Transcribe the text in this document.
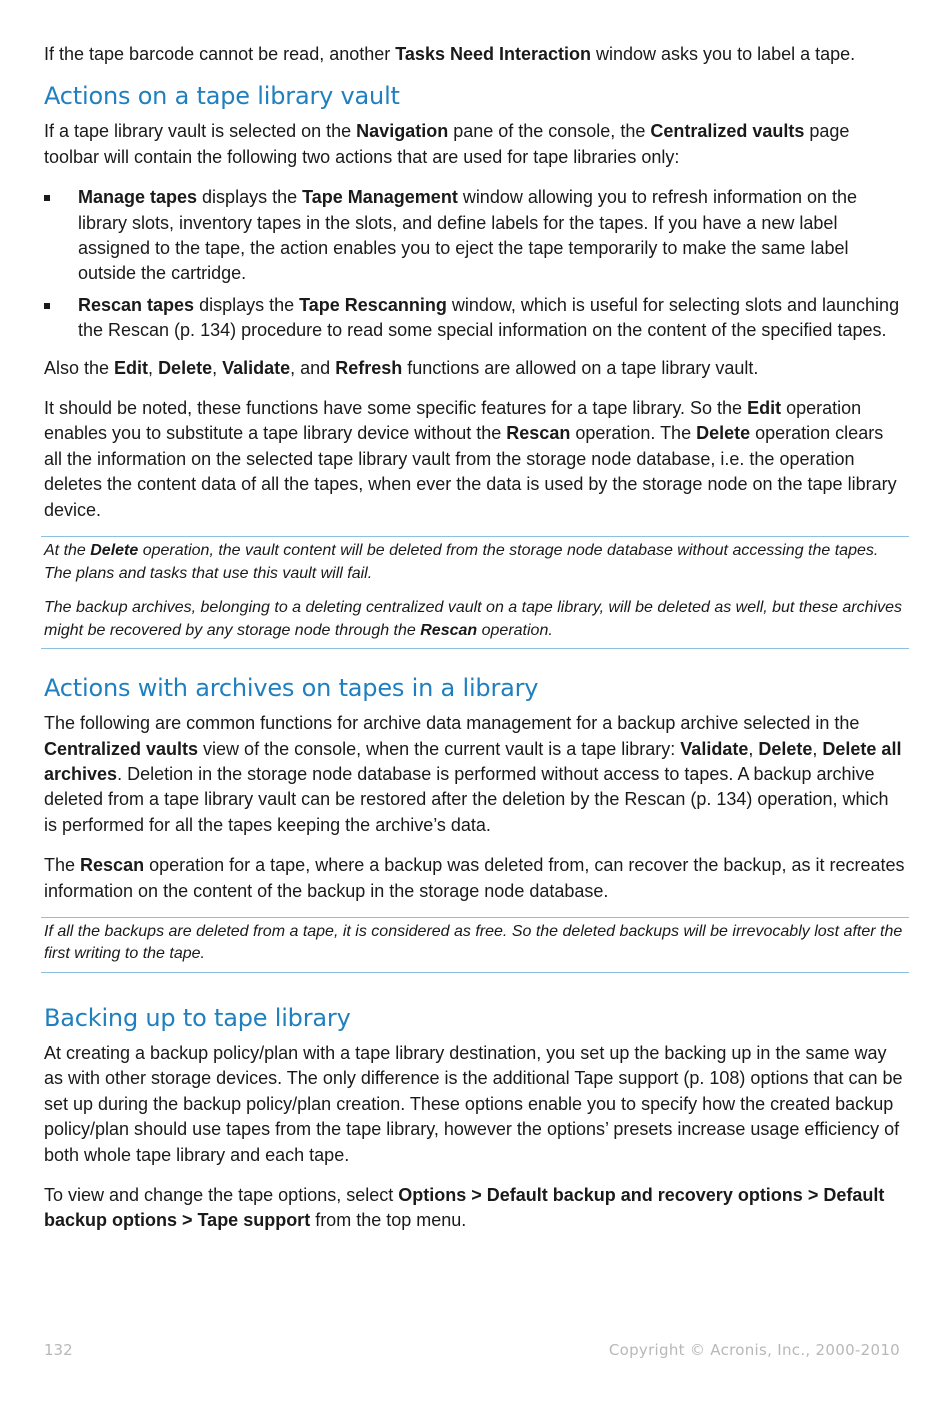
If the tape barcode cannot be read, another Tasks Need Interaction window asks you to label a tape.

Actions on a tape library vault

If a tape library vault is selected on the Navigation pane of the console, the Centralized vaults page toolbar will contain the following two actions that are used for tape libraries only:

Manage tapes displays the Tape Management window allowing you to refresh information on the library slots, inventory tapes in the slots, and define labels for the tapes. If you have a new label assigned to the tape, the action enables you to eject the tape temporarily to make the same label outside the cartridge.
Rescan tapes displays the Tape Rescanning window, which is useful for selecting slots and launching the Rescan (p. 134) procedure to read some special information on the content of the specified tapes.

Also the Edit, Delete, Validate, and Refresh functions are allowed on a tape library vault.

It should be noted, these functions have some specific features for a tape library. So the Edit operation enables you to substitute a tape library device without the Rescan operation. The Delete operation clears all the information on the selected tape library vault from the storage node database, i.e. the operation deletes the content data of all the tapes, when ever the data is used by the storage node on the tape library device.

At the Delete operation, the vault content will be deleted from the storage node database without accessing the tapes. The plans and tasks that use this vault will fail.

The backup archives, belonging to a deleting centralized vault on a tape library, will be deleted as well, but these archives might be recovered by any storage node through the Rescan operation.

Actions with archives on tapes in a library

The following are common functions for archive data management for a backup archive selected in the Centralized vaults view of the console, when the current vault is a tape library: Validate, Delete, Delete all archives. Deletion in the storage node database is performed without access to tapes. A backup archive deleted from a tape library vault can be restored after the deletion by the Rescan (p. 134) operation, which is performed for all the tapes keeping the archive’s data.

The Rescan operation for a tape, where a backup was deleted from, can recover the backup, as it recreates information on the content of the backup in the storage node database.

If all the backups are deleted from a tape, it is considered as free. So the deleted backups will be irrevocably lost after the first writing to the tape.

Backing up to tape library

At creating a backup policy/plan with a tape library destination, you set up the backing up in the same way as with other storage devices. The only difference is the additional Tape support (p. 108) options that can be set up during the backup policy/plan creation. These options enable you to specify how the created backup policy/plan should use tapes from the tape library, however the options’ presets increase usage efficiency of both whole tape library and each tape.

To view and change the tape options, select Options > Default backup and recovery options > Default backup options > Tape support from the top menu.

132	Copyright © Acronis, Inc., 2000-2010
